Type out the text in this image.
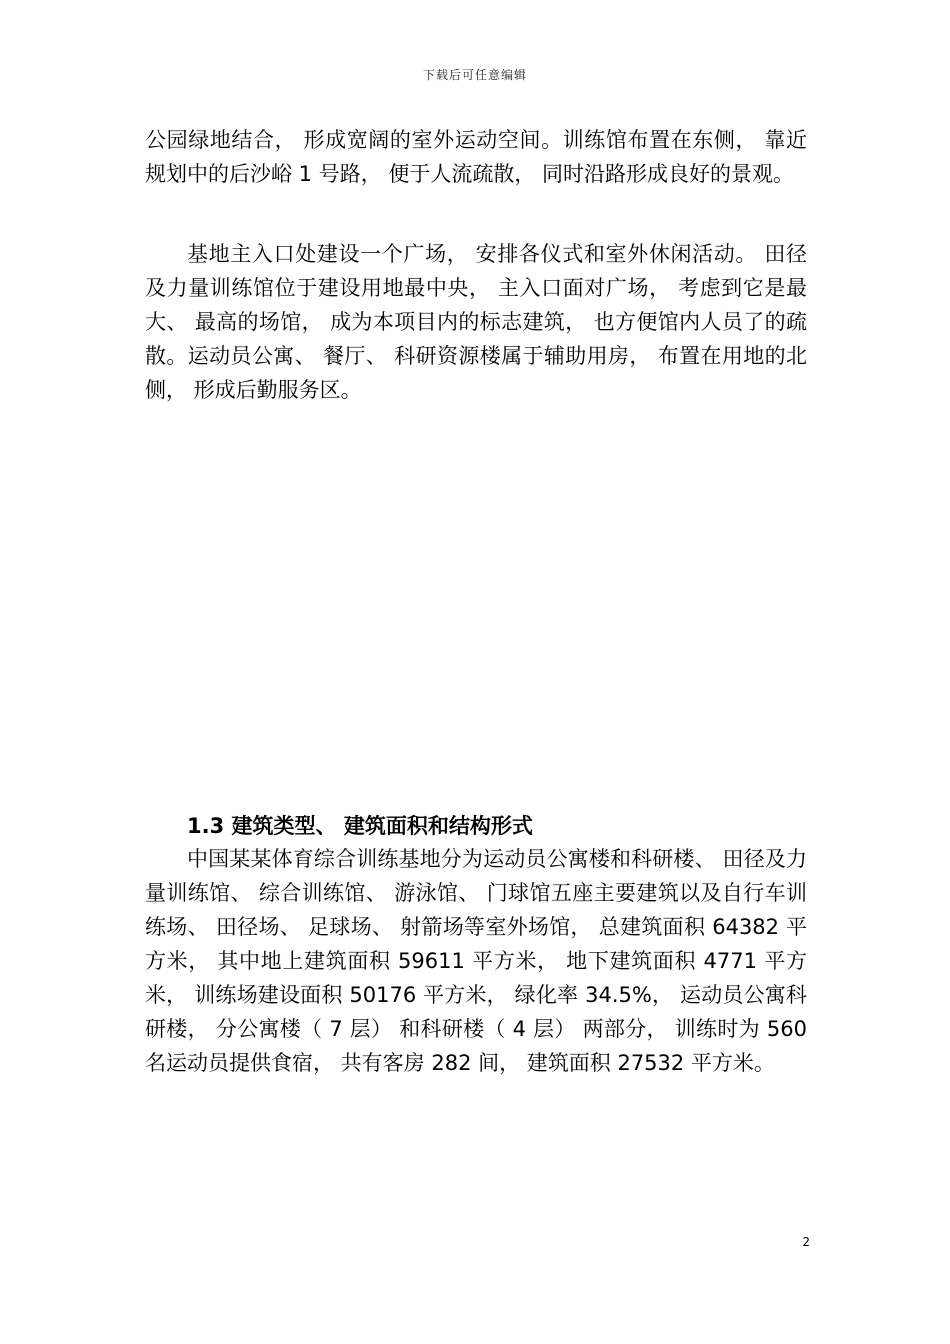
下载后可任意编辑

公园绿地结合， 形成宽阔的室外运动空间。训练馆布置在东侧， 靠近规划中的后沙峪 1 号路， 便于人流疏散， 同时沿路形成良好的景观。

基地主入口处建设一个广场， 安排各仪式和室外休闲活动。 田径及力量训练馆位于建设用地最中央， 主入口面对广场， 考虑到它是最大、 最高的场馆， 成为本项目内的标志建筑， 也方便馆内人员了的疏散。运动员公寓、 餐厅、 科研资源楼属于辅助用房， 布置在用地的北侧， 形成后勤服务区。

1.3 建筑类型、 建筑面积和结构形式

中国某某体育综合训练基地分为运动员公寓楼和科研楼、 田径及力量训练馆、 综合训练馆、 游泳馆、 门球馆五座主要建筑以及自行车训练场、 田径场、 足球场、 射箭场等室外场馆， 总建筑面积 64382 平方米， 其中地上建筑面积 59611 平方米， 地下建筑面积 4771 平方米， 训练场建设面积 50176 平方米， 绿化率 34.5%， 运动员公寓科研楼， 分公寓楼（ 7 层） 和科研楼（ 4 层） 两部分， 训练时为 560 名运动员提供食宿， 共有客房 282 间， 建筑面积 27532 平方米。

2
